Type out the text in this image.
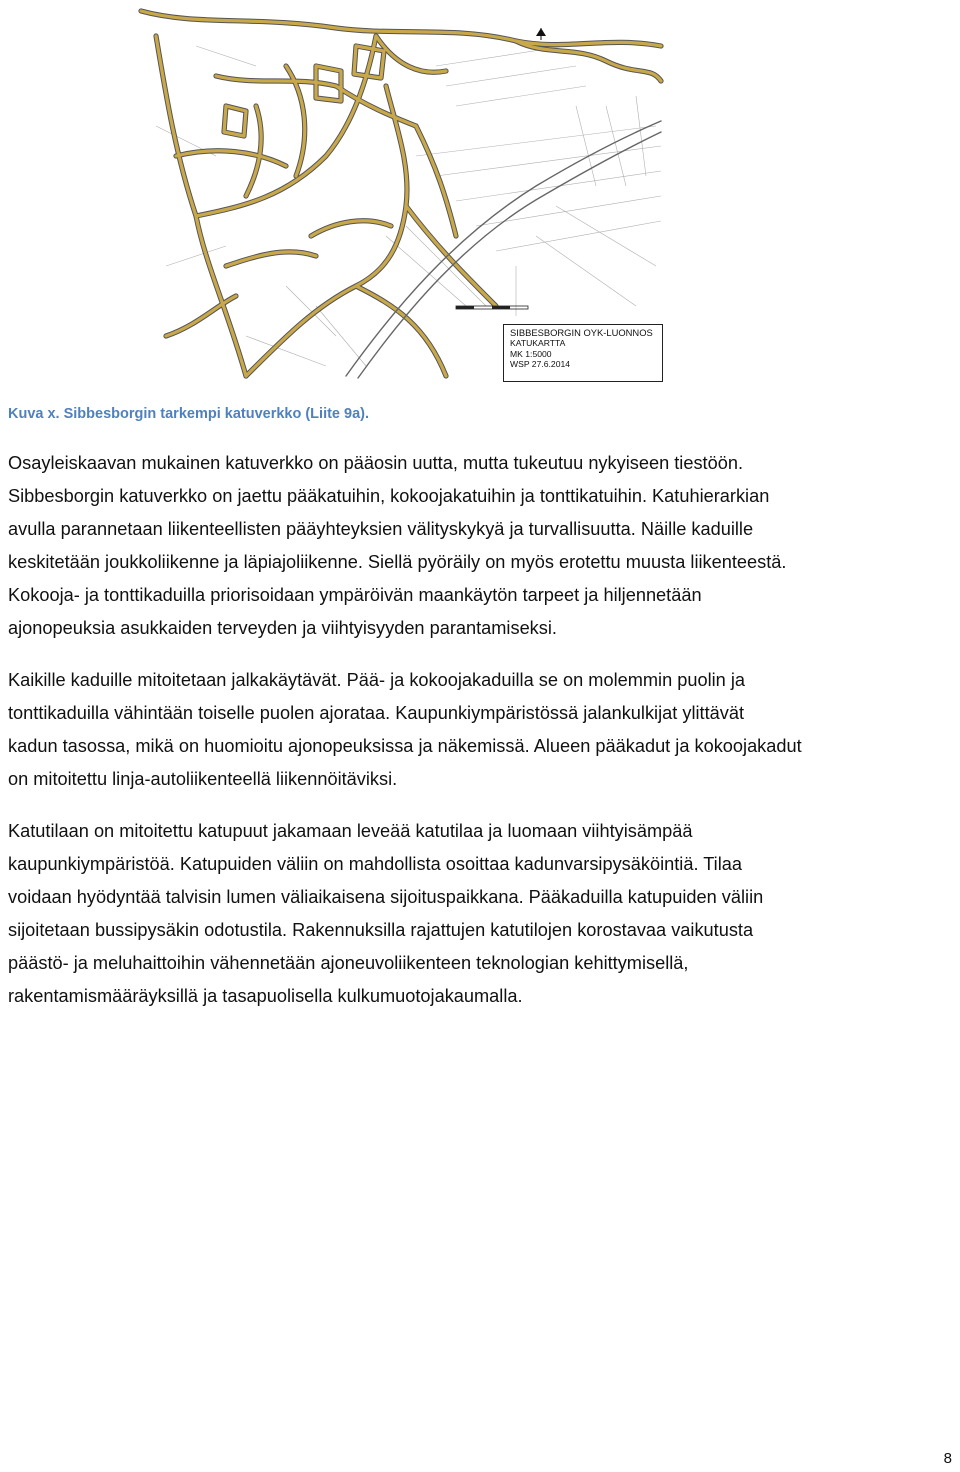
SIBBESBORGIN OYK-LUONNOS
KATUKARTTA
MK 1:5000
WSP 27.6.2014
Kuva x. Sibbesborgin tarkempi katuverkko (Liite 9a).

Osayleiskaavan mukainen katuverkko on pääosin uutta, mutta tukeutuu nykyiseen tiestöön.
Sibbesborgin katuverkko on jaettu pääkatuihin, kokoojakatuihin ja tonttikatuihin. Katuhierarkian
avulla parannetaan liikenteellisten pääyhteyksien välityskykyä ja turvallisuutta. Näille kaduille
keskitetään joukkoliikenne ja läpiajoliikenne. Siellä pyöräily on myös erotettu muusta liikenteestä.
Kokooja- ja tonttikaduilla priorisoidaan ympäröivän maankäytön tarpeet ja hiljennetään
ajonopeuksia asukkaiden terveyden ja viihtyisyyden parantamiseksi.

Kaikille kaduille mitoitetaan jalkakäytävät. Pää- ja kokoojakaduilla se on molemmin puolin ja
tonttikaduilla vähintään toiselle puolen ajorataa. Kaupunkiympäristössä jalankulkijat ylittävät
kadun tasossa, mikä on huomioitu ajonopeuksissa ja näkemissä. Alueen pääkadut ja kokoojakadut
on mitoitettu linja-autoliikenteellä liikennöitäviksi.

Katutilaan on mitoitettu katupuut jakamaan leveää katutilaa ja luomaan viihtyisämpää
kaupunkiympäristöä. Katupuiden väliin on mahdollista osoittaa kadunvarsipysäköintiä. Tilaa
voidaan hyödyntää talvisin lumen väliaikaisena sijoituspaikkana. Pääkaduilla katupuiden väliin
sijoitetaan bussipysäkin odotustila. Rakennuksilla rajattujen katutilojen korostavaa vaikutusta
päästö- ja meluhaittoihin vähennetään ajoneuvoliikenteen teknologian kehittymisellä,
rakentamismääräyksillä ja tasapuolisella kulkumuotojakaumalla.

8
